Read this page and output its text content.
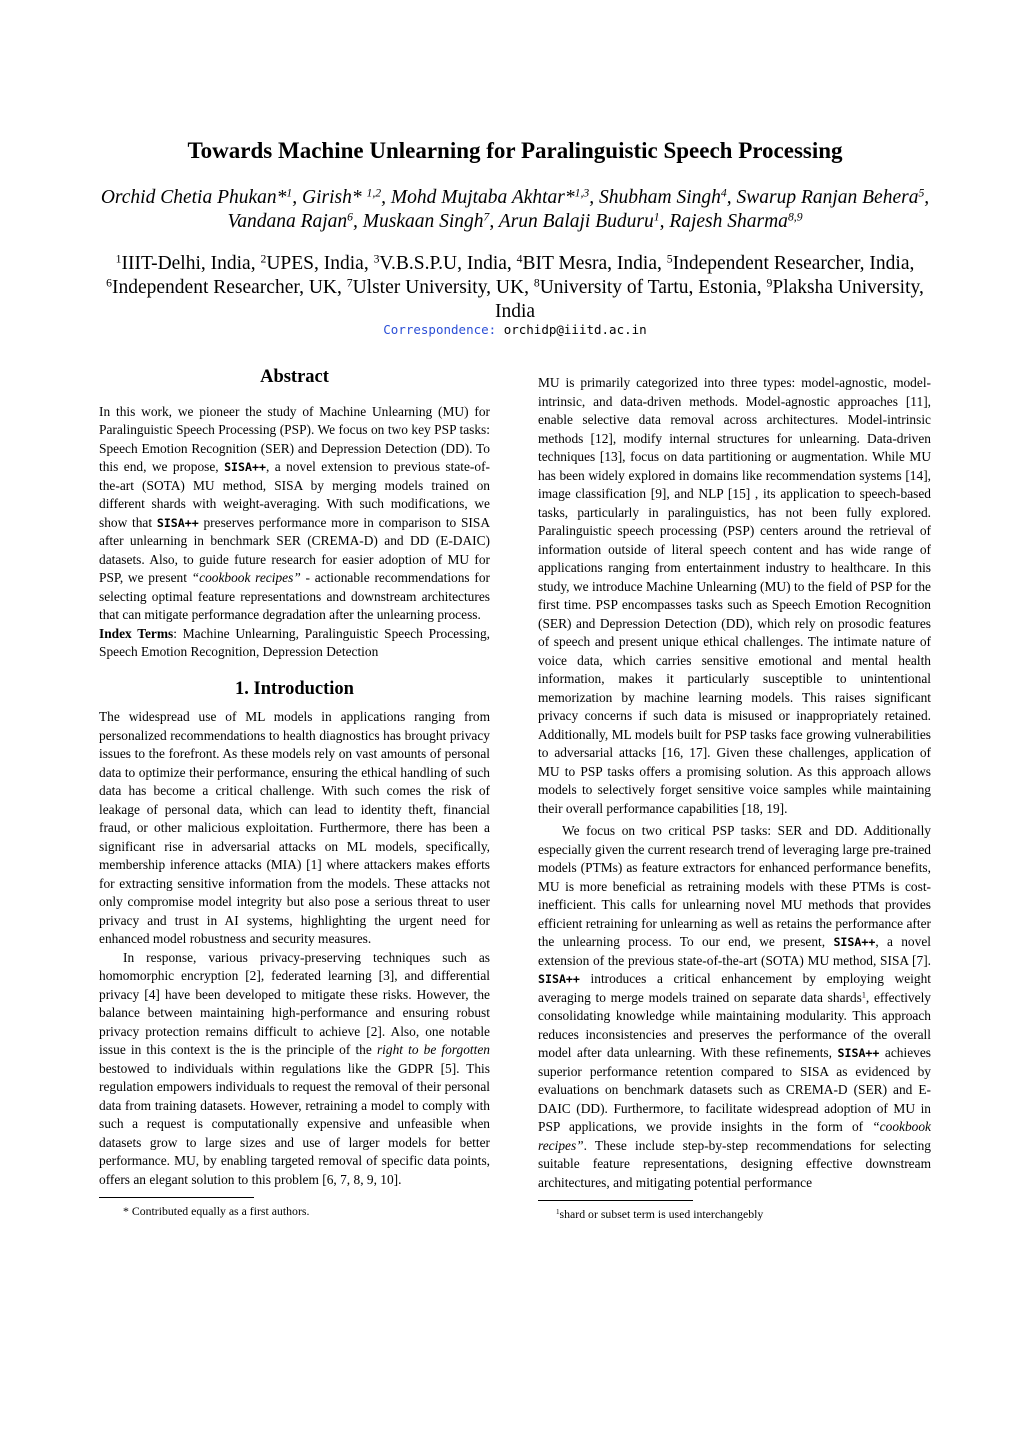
Towards Machine Unlearning for Paralinguistic Speech Processing
Orchid Chetia Phukan*$^1$, Girish* $^{1,2}$, Mohd Mujtaba Akhtar*$^{1,3}$, Shubham Singh$^4$, Swarup Ranjan Behera$^5$, Vandana Rajan$^6$, Muskaan Singh$^7$, Arun Balaji Buduru$^1$, Rajesh Sharma$^{8,9}$
$^1$IIIT-Delhi, India, $^2$UPES, India, $^3$V.B.S.P.U, India, $^4$BIT Mesra, India, $^5$Independent Researcher, India, $^6$Independent Researcher, UK, $^7$Ulster University, UK, $^8$University of Tartu, Estonia, $^9$Plaksha University, India
Correspondence: orchidp@iiitd.ac.in
Abstract

In this work, we pioneer the study of Machine Unlearning (MU) for Paralinguistic Speech Processing (PSP). We focus on two key PSP tasks: Speech Emotion Recognition (SER) and Depression Detection (DD). To this end, we propose, SISA++, a novel extension to previous state-of-the-art (SOTA) MU method, SISA by merging models trained on different shards with weight-averaging. With such modifications, we show that SISA++ preserves performance more in comparison to SISA after unlearning in benchmark SER (CREMA-D) and DD (E-DAIC) datasets. Also, to guide future research for easier adoption of MU for PSP, we present “cookbook recipes” - actionable recommendations for selecting optimal feature representations and downstream architectures that can mitigate performance degradation after the unlearning process.

Index Terms: Machine Unlearning, Paralinguistic Speech Processing, Speech Emotion Recognition, Depression Detection

1. Introduction

The widespread use of ML models in applications ranging from personalized recommendations to health diagnostics has brought privacy issues to the forefront. As these models rely on vast amounts of personal data to optimize their performance, ensuring the ethical handling of such data has become a critical challenge. With such comes the risk of leakage of personal data, which can lead to identity theft, financial fraud, or other malicious exploitation. Furthermore, there has been a significant rise in adversarial attacks on ML models, specifically, membership inference attacks (MIA) [1] where attackers makes efforts for extracting sensitive information from the models. These attacks not only compromise model integrity but also pose a serious threat to user privacy and trust in AI systems, highlighting the urgent need for enhanced model robustness and security measures.

In response, various privacy-preserving techniques such as homomorphic encryption [2], federated learning [3], and differential privacy [4] have been developed to mitigate these risks. However, the balance between maintaining high-performance and ensuring robust privacy protection remains difficult to achieve [2]. Also, one notable issue in this context is the is the principle of the right to be forgotten bestowed to individuals within regulations like the GDPR [5]. This regulation empowers individuals to request the removal of their personal data from training datasets. However, retraining a model to comply with such a request is computationally expensive and unfeasible when datasets grow to large sizes and use of larger models for better performance. MU, by enabling targeted removal of specific data points, offers an elegant solution to this problem [6, 7, 8, 9, 10].

* Contributed equally as a first authors.

MU is primarily categorized into three types: model-agnostic, model-intrinsic, and data-driven methods. Model-agnostic approaches [11], enable selective data removal across architectures. Model-intrinsic methods [12], modify internal structures for unlearning. Data-driven techniques [13], focus on data partitioning or augmentation. While MU has been widely explored in domains like recommendation systems [14], image classification [9], and NLP [15] , its application to speech-based tasks, particularly in paralinguistics, has not been fully explored. Paralinguistic speech processing (PSP) centers around the retrieval of information outside of literal speech content and has wide range of applications ranging from entertainment industry to healthcare. In this study, we introduce Machine Unlearning (MU) to the field of PSP for the first time. PSP encompasses tasks such as Speech Emotion Recognition (SER) and Depression Detection (DD), which rely on prosodic features of speech and present unique ethical challenges. The intimate nature of voice data, which carries sensitive emotional and mental health information, makes it particularly susceptible to unintentional memorization by machine learning models. This raises significant privacy concerns if such data is misused or inappropriately retained. Additionally, ML models built for PSP tasks face growing vulnerabilities to adversarial attacks [16, 17]. Given these challenges, application of MU to PSP tasks offers a promising solution. As this approach allows models to selectively forget sensitive voice samples while maintaining their overall performance capabilities [18, 19].

We focus on two critical PSP tasks: SER and DD. Additionally especially given the current research trend of leveraging large pre-trained models (PTMs) as feature extractors for enhanced performance benefits, MU is more beneficial as retraining models with these PTMs is cost-inefficient. This calls for unlearning novel MU methods that provides efficient retraining for unlearning as well as retains the performance after the unlearning process. To our end, we present, SISA++, a novel extension of the previous state-of-the-art (SOTA) MU method, SISA [7]. SISA++ introduces a critical enhancement by employing weight averaging to merge models trained on separate data shards$^1$, effectively consolidating knowledge while maintaining modularity. This approach reduces inconsistencies and preserves the performance of the overall model after data unlearning. With these refinements, SISA++ achieves superior performance retention compared to SISA as evidenced by evaluations on benchmark datasets such as CREMA-D (SER) and E-DAIC (DD). Furthermore, to facilitate widespread adoption of MU in PSP applications, we provide insights in the form of “cookbook recipes”. These include step-by-step recommendations for selecting suitable feature representations, designing effective downstream architectures, and mitigating potential performance

$^1$shard or subset term is used interchangebly
